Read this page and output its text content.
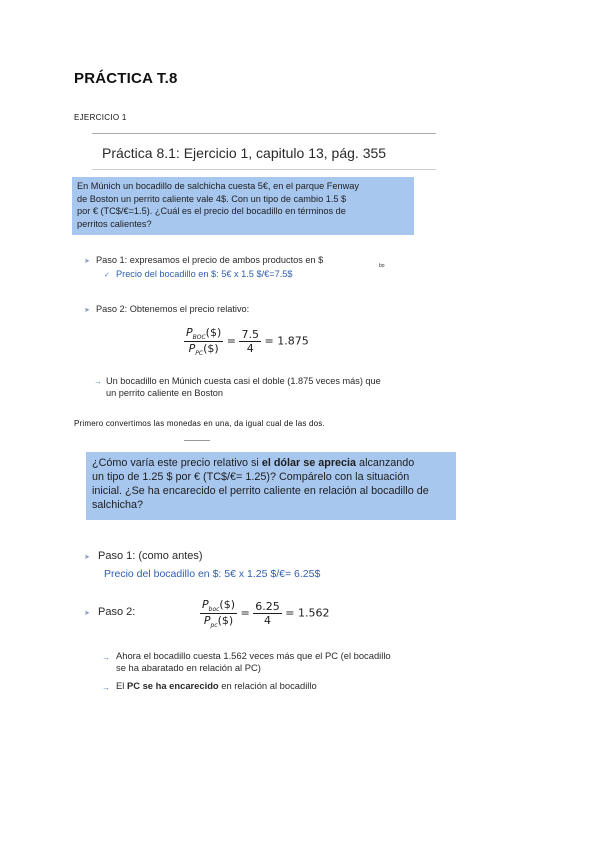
PRÁCTICA T.8
EJERCICIO 1
Práctica 8.1: Ejercicio 1, capitulo 13, pág. 355
En Múnich un bocadillo de salchicha cuesta 5€, en el parque Fenway
de Boston un perrito caliente vale 4$. Con un tipo de cambio 1.5 $
por € (TC$/€=1.5). ¿Cuál es el precio del bocadillo en términos de
perritos calientes?
➤ Paso 1: expresamos el precio de ambos productos en $
bo
✓ Precio del bocadillo en $: 5€ x 1.5 $/€=7.5$
➤ Paso 2: Obtenemos el precio relativo:
$\frac{P_{BOC}(\$)}{P_{PC}(\$)} = \frac{7.5}{4} = 1.875$
→ Un bocadillo en Múnich cuesta casi el doble (1.875 veces más) que
un perrito caliente en Boston
Primero convertimos las monedas en una, da igual cual de las dos.
¿Cómo varía este precio relativo si el dólar se aprecia alcanzando
un tipo de 1.25 $ por € (TC$/€= 1.25)? Compárelo con la situación
inicial. ¿Se ha encarecido el perrito caliente en relación al bocadillo de
salchicha?
➤ Paso 1: (como antes)
Precio del bocadillo en $: 5€ x 1.25 $/€= 6.25$
➤ Paso 2:	$\frac{P_{boc}(\$)}{P_{pc}(\$)} = \frac{6.25}{4} = 1.562$
→ Ahora el bocadillo cuesta 1.562 veces más que el PC (el bocadillo
se ha abaratado en relación al PC)
→ El PC se ha encarecido en relación al bocadillo
